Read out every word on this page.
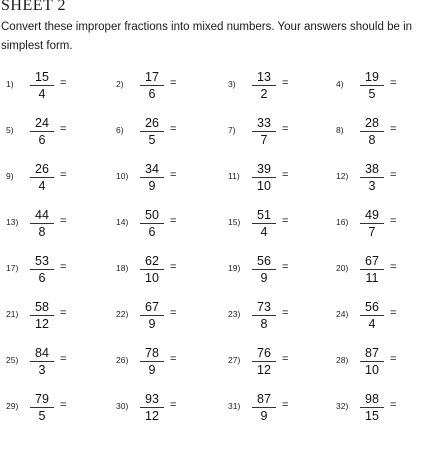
SHEET 2
Convert these improper fractions into mixed numbers. Your answers should be in simplest form.
1)	15
4
=	2)	17
6
=	3)	13
2
=	4)	19
5
=
5)	24
6
=	6)	26
5
=	7)	33
7
=	8)	28
8
=
9)	26
4
=	10)	34
9
=	11)	39
10
=	12)	38
3
=
13)	44
8
=	14)	50
6
=	15)	51
4
=	16)	49
7
=
17)	53
6
=	18)	62
10
=	19)	56
9
=	20)	67
11
=
21)	58
12
=	22)	67
9
=	23)	73
8
=	24)	56
4
=
25)	84
3
=	26)	78
9
=	27)	76
12
=	28)	87
10
=
29)	79
5
=	30)	93
12
=	31)	87
9
=	32)	98
15
=
